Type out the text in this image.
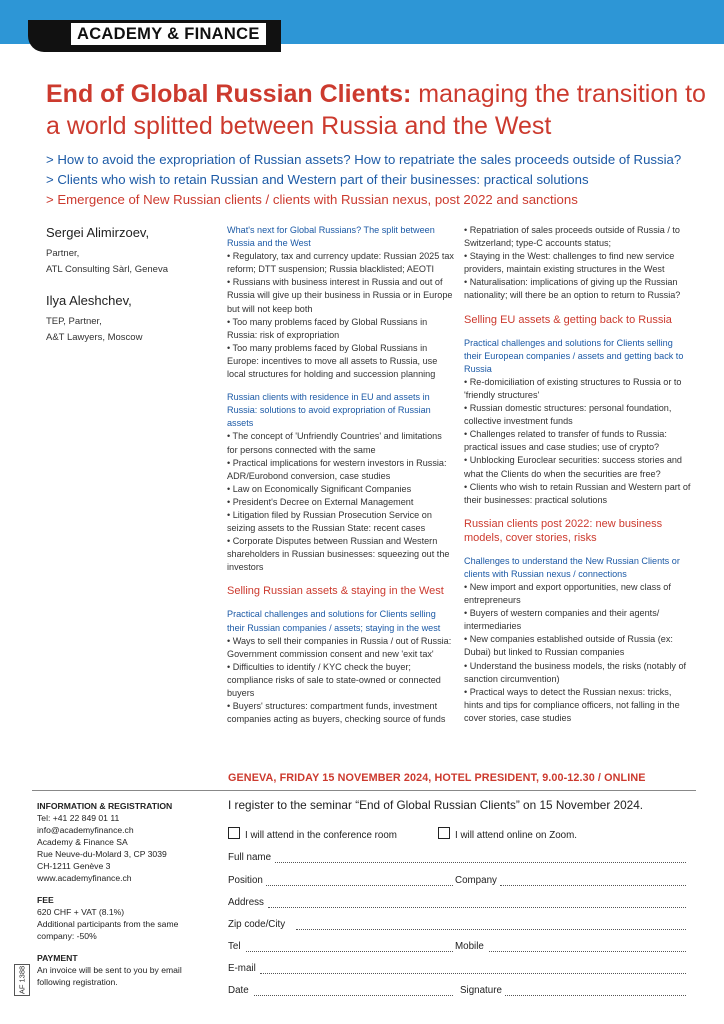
ACADEMY & FINANCE
End of Global Russian Clients: managing the transition to a world splitted between Russia and the West
> How to avoid the expropriation of Russian assets? How to repatriate the sales proceeds outside of Russia?
> Clients who wish to retain Russian and Western part of their businesses: practical solutions
> Emergence of New Russian clients / clients with Russian nexus, post 2022 and sanctions
Sergei Alimirzoev,
Partner,
ATL Consulting Sàrl, Geneva
Ilya Aleshchev,
TEP, Partner,
A&T Lawyers, Moscow
What's next for Global Russians? The split between Russia and the West
• Regulatory, tax and currency update: Russian 2025 tax reform; DTT suspension; Russia blacklisted; AEOTI
• Russians with business interest in Russia and out of Russia will give up their business in Russia or in Europe but will not keep both
• Too many problems faced by Global Russians in Russia: risk of expropriation
• Too many problems faced by Global Russians in Europe: incentives to move all assets to Russia, use local structures for holding and succession planning
Russian clients with residence in EU and assets in Russia: solutions to avoid expropriation of Russian assets
• The concept of 'Unfriendly Countries' and limitations for persons connected with the same
• Practical implications for western investors in Russia: ADR/Eurobond conversion, case studies
• Law on Economically Significant Companies
• President's Decree on External Management
• Litigation filed by Russian Prosecution Service on seizing assets to the Russian State: recent cases
• Corporate Disputes between Russian and Western shareholders in Russian businesses: squeezing out the investors
Selling Russian assets & staying in the West
Practical challenges and solutions for Clients selling their Russian companies / assets; staying in the west
• Ways to sell their companies in Russia / out of Russia: Government commission consent and new 'exit tax'
• Difficulties to identify / KYC check the buyer; compliance risks of sale to state-owned or connected buyers
• Buyers' structures: compartment funds, investment companies acting as buyers, checking source of funds
• Repatriation of sales proceeds outside of Russia / to Switzerland; type-C accounts status;
• Staying in the West: challenges to find new service providers, maintain existing structures in the West
• Naturalisation: implications of giving up the Russian nationality; will there be an option to return to Russia?
Selling EU assets & getting back to Russia
Practical challenges and solutions for Clients selling their European companies / assets and getting back to Russia
• Re-domiciliation of existing structures to Russia or to 'friendly structures'
• Russian domestic structures: personal foundation, collective investment funds
• Challenges related to transfer of funds to Russia: practical issues and case studies; use of crypto?
• Unblocking Euroclear securities: success stories and what the Clients do when the securities are free?
• Clients who wish to retain Russian and Western part of their businesses: practical solutions
Russian clients post 2022: new business models, cover stories, risks
Challenges to understand the New Russian Clients or clients with Russian nexus / connections
• New import and export opportunities, new class of entrepreneurs
• Buyers of western companies and their agents/ intermediaries
• New companies established outside of Russia (ex: Dubai) but linked to Russian companies
• Understand the business models, the risks (notably of sanction circumvention)
• Practical ways to detect the Russian nexus: tricks, hints and tips for compliance officers, not falling in the cover stories, case studies
GENEVA, FRIDAY 15 NOVEMBER 2024, HOTEL PRESIDENT, 9.00-12.30 / ONLINE
INFORMATION & REGISTRATION
Tel: +41 22 849 01 11
info@academyfinance.ch
Academy & Finance SA
Rue Neuve-du-Molard 3, CP 3039
CH-1211 Genève 3
www.academyfinance.ch
FEE
620 CHF + VAT (8.1%)
Additional participants from the same company: -50%
PAYMENT
An invoice will be sent to you by email following registration.
AF 1388
I register to the seminar “End of Global Russian Clients” on 15 November 2024.
I will attend in the conference room	I will attend online on Zoom.
Full name
Position	Company
Address
Zip code/City
Tel	Mobile
E-mail
Date	Signature
